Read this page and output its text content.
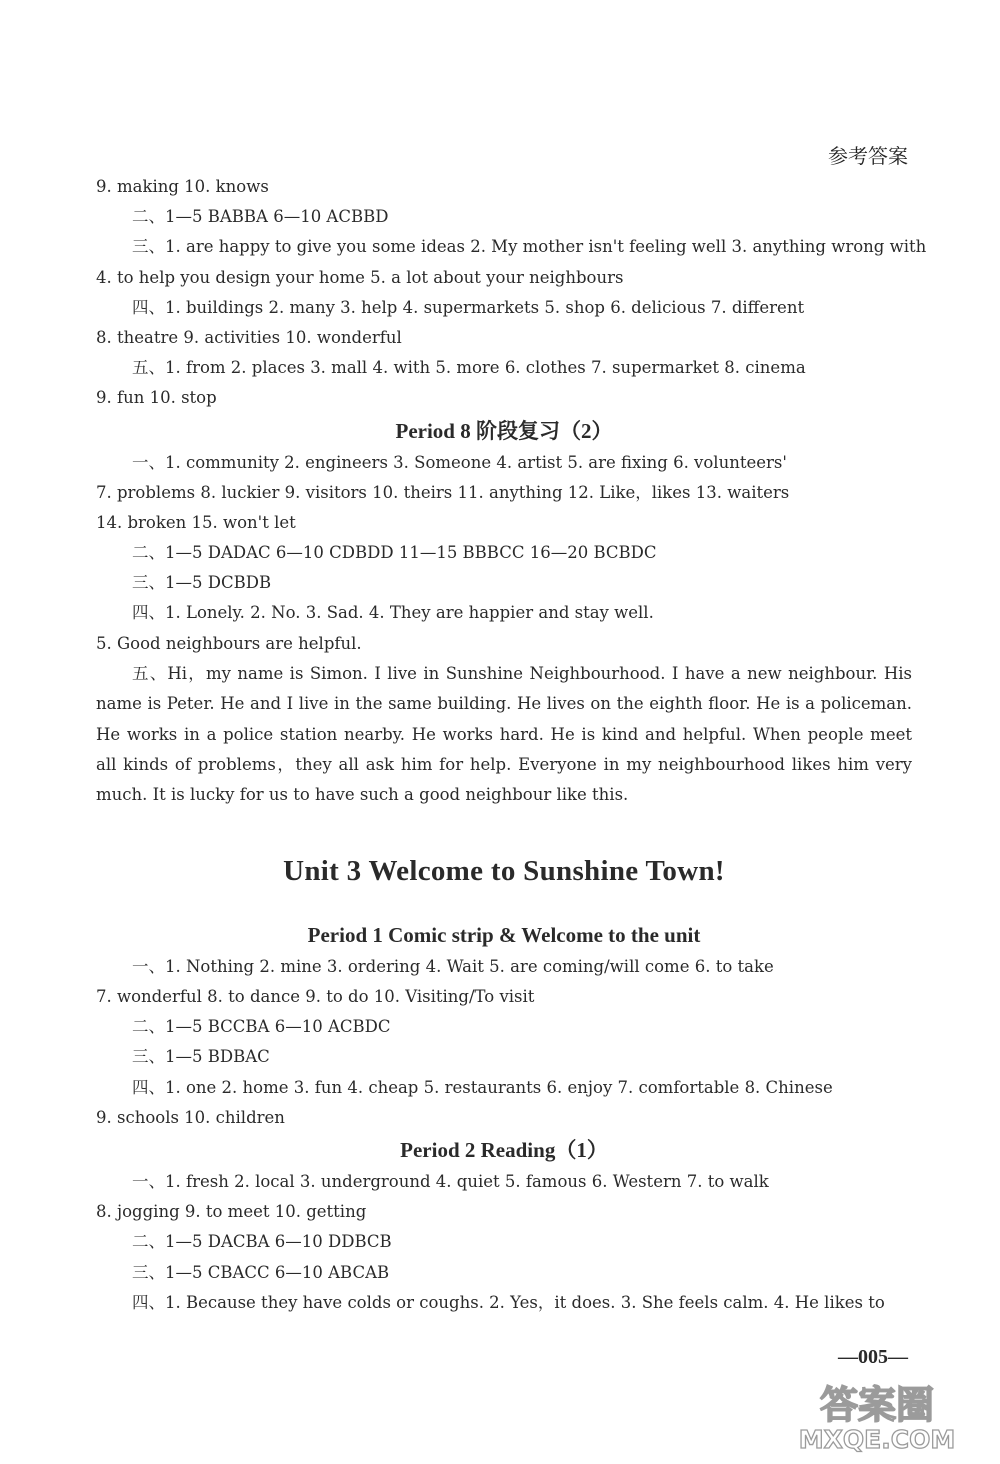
参考答案
9. making 10. knows
二、1—5 BABBA 6—10 ACBBD
三、1. are happy to give you some ideas 2. My mother isn't feeling well 3. anything wrong with
4. to help you design your home 5. a lot about your neighbours
四、1. buildings 2. many 3. help 4. supermarkets 5. shop 6. delicious 7. different
8. theatre 9. activities 10. wonderful
五、1. from 2. places 3. mall 4. with 5. more 6. clothes 7. supermarket 8. cinema
9. fun 10. stop
Period 8 阶段复习（2）
一、1. community 2. engineers 3. Someone 4. artist 5. are fixing 6. volunteers'
7. problems 8. luckier 9. visitors 10. theirs 11. anything 12. Like，likes 13. waiters
14. broken 15. won't let
二、1—5 DADAC 6—10 CDBDD 11—15 BBBCC 16—20 BCBDC
三、1—5 DCBDB
四、1. Lonely. 2. No. 3. Sad. 4. They are happier and stay well.
5. Good neighbours are helpful.
五、Hi，my name is Simon. I live in Sunshine Neighbourhood. I have a new neighbour. His name is Peter. He and I live in the same building. He lives on the eighth floor. He is a policeman. He works in a police station nearby. He works hard. He is kind and helpful. When people meet all kinds of problems，they all ask him for help. Everyone in my neighbourhood likes him very much. It is lucky for us to have such a good neighbour like this.
Unit 3 Welcome to Sunshine Town!
Period 1 Comic strip & Welcome to the unit
一、1. Nothing 2. mine 3. ordering 4. Wait 5. are coming/will come 6. to take
7. wonderful 8. to dance 9. to do 10. Visiting/To visit
二、1—5 BCCBA 6—10 ACBDC
三、1—5 BDBAC
四、1. one 2. home 3. fun 4. cheap 5. restaurants 6. enjoy 7. comfortable 8. Chinese
9. schools 10. children
Period 2 Reading（1）
一、1. fresh 2. local 3. underground 4. quiet 5. famous 6. Western 7. to walk
8. jogging 9. to meet 10. getting
二、1—5 DACBA 6—10 DDBCB
三、1—5 CBACC 6—10 ABCAB
四、1. Because they have colds or coughs. 2. Yes，it does. 3. She feels calm. 4. He likes to
—005—
答案圈
MXQE.COM
